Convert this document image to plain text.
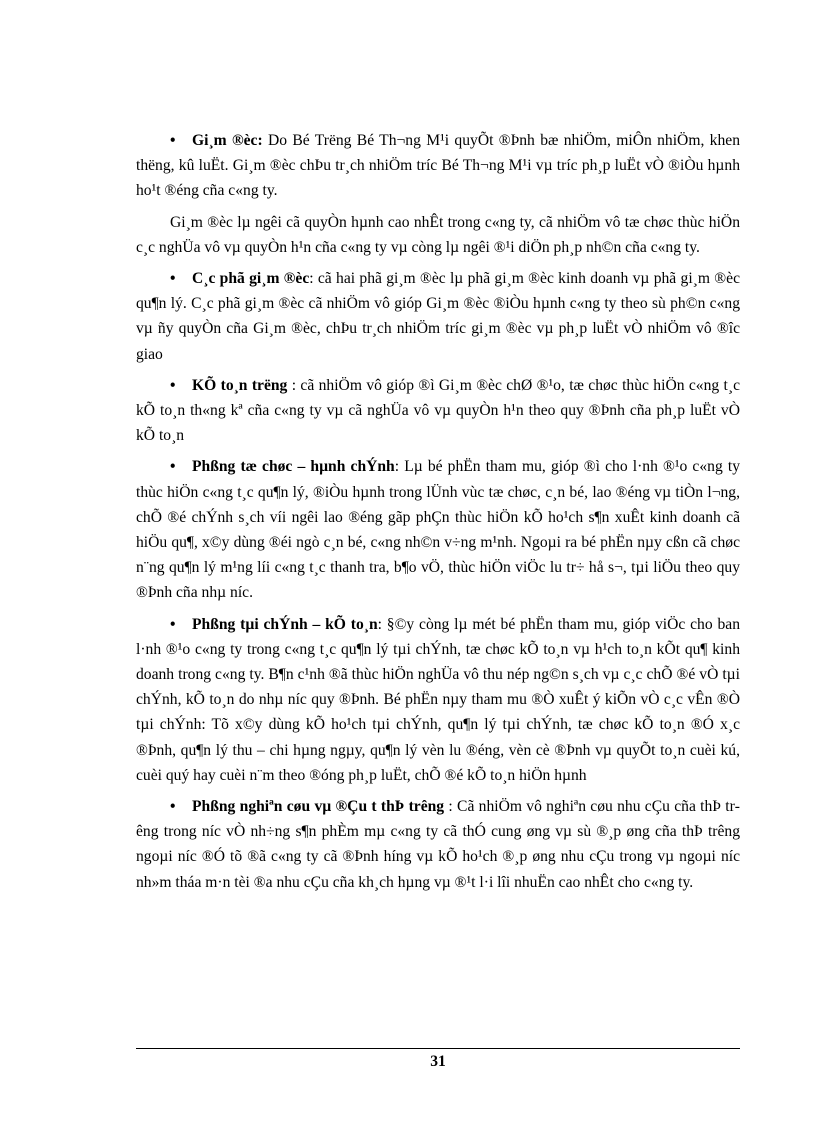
• Gi¸m ®èc: Do Bé Trëng Bé Th¬ng M¹i quyÕt ®Þnh bæ nhiÖm, miÔn nhiÖm, khen thëng, kû luËt. Gi¸m ®èc chÞu tr¸ch nhiÖm tríc Bé Th¬ng M¹i vµ tríc ph¸p luËt vÒ ®iÒu hµnh ho¹t ®éng cña c«ng ty.

Gi¸m ®èc lµ ngêi cã quyÒn hµnh cao nhÊt trong c«ng ty, cã nhiÖm vô tæ chøc thùc hiÖn c¸c nghÜa vô vµ quyÒn h¹n cña c«ng ty vµ còng lµ ngêi ®¹i diÖn ph¸p nh©n cña c«ng ty.

• C¸c phã gi¸m ®èc: cã hai phã gi¸m ®èc lµ phã gi¸m ®èc kinh doanh vµ phã gi¸m ®èc qu¶n lý. C¸c phã gi¸m ®èc cã nhiÖm vô gióp Gi¸m ®èc ®iÒu hµnh c«ng ty theo sù ph©n c«ng vµ ñy quyÒn cña Gi¸m ®èc, chÞu tr¸ch nhiÖm tríc gi¸m ®èc vµ ph¸p luËt vÒ nhiÖm vô ®îc giao

• KÕ to¸n trëng : cã nhiÖm vô gióp ®ì Gi¸m ®èc chØ ®¹o, tæ chøc thùc hiÖn c«ng t¸c kÕ to¸n th«ng kª cña c«ng ty vµ cã nghÜa vô vµ quyÒn h¹n theo quy ®Þnh cña ph¸p luËt vÒ kÕ to¸n

• Phßng tæ chøc – hµnh chÝnh: Lµ bé phËn tham mu, gióp ®ì cho l·nh ®¹o c«ng ty thùc hiÖn c«ng t¸c qu¶n lý, ®iÒu hµnh trong lÜnh vùc tæ chøc, c¸n bé, lao ®éng vµ tiÒn l¬ng, chÕ ®é chÝnh s¸ch víi ngêi lao ®éng gãp phÇn thùc hiÖn kÕ ho¹ch s¶n xuÊt kinh doanh cã hiÖu qu¶, x©y dùng ®éi ngò c¸n bé, c«ng nh©n v÷ng m¹nh. Ngoµi ra bé phËn nµy cßn cã chøc n¨ng qu¶n lý m¹ng líi c«ng t¸c thanh tra, b¶o vÖ, thùc hiÖn viÖc lu tr÷ hå s¬, tµi liÖu theo quy ®Þnh cña nhµ níc.

• Phßng tµi chÝnh – kÕ to¸n: §©y còng lµ mét bé phËn tham mu, gióp viÖc cho ban l·nh ®¹o c«ng ty trong c«ng t¸c qu¶n lý tµi chÝnh, tæ chøc kÕ to¸n vµ h¹ch to¸n kÕt qu¶ kinh doanh trong c«ng ty. B¶n c¹nh ®ã thùc hiÖn nghÜa vô thu nép ng©n s¸ch vµ c¸c chÕ ®é vÒ tµi chÝnh, kÕ to¸n do nhµ níc quy ®Þnh. Bé phËn nµy tham mu ®Ò xuÊt ý kiÕn vÒ c¸c vÊn ®Ò tµi chÝnh: Tõ x©y dùng kÕ ho¹ch tµi chÝnh, qu¶n lý tµi chÝnh, tæ chøc kÕ to¸n ®Ó x¸c ®Þnh, qu¶n lý thu – chi hµng ngµy, qu¶n lý vèn lu ®éng, vèn cè ®Þnh vµ quyÕt to¸n cuèi kú, cuèi quý hay cuèi n¨m theo ®óng ph¸p luËt, chÕ ®é kÕ to¸n hiÖn hµnh

• Phßng nghiªn cøu vµ ®Çu t thÞ trêng : Cã nhiÖm vô nghiªn cøu nhu cÇu cña thÞ trêng trong níc vÒ nh÷ng s¶n phÈm mµ c«ng ty cã thÓ cung øng vµ sù ®¸p øng cña thÞ trêng ngoµi níc ®Ó tõ ®ã c«ng ty cã ®Þnh híng vµ kÕ ho¹ch ®¸p øng nhu cÇu trong vµ ngoµi níc nh»m tháa m·n tèi ®a nhu cÇu cña kh¸ch hµng vµ ®¹t l·i lîi nhuËn cao nhÊt cho c«ng ty.

31
